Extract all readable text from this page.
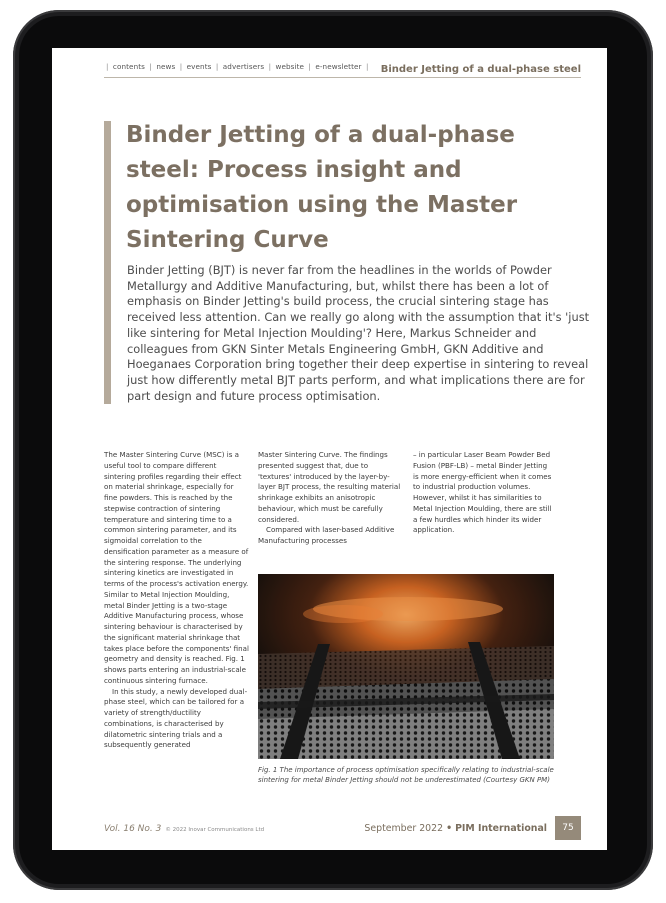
| contents | news | events | advertisers | website | e-newsletter | Binder Jetting of a dual-phase steel
Binder Jetting of a dual-phase steel: Process insight and optimisation using the Master Sintering Curve

Binder Jetting (BJT) is never far from the headlines in the worlds of Powder Metallurgy and Additive Manufacturing, but, whilst there has been a lot of emphasis on Binder Jetting's build process, the crucial sintering stage has received less attention. Can we really go along with the assumption that it's 'just like sintering for Metal Injection Moulding'? Here, Markus Schneider and colleagues from GKN Sinter Metals Engineering GmbH, GKN Additive and Hoeganaes Corporation bring together their deep expertise in sintering to reveal just how differently metal BJT parts perform, and what implications there are for part design and future process optimisation.

The Master Sintering Curve (MSC) is a useful tool to compare different sintering profiles regarding their effect on material shrinkage, especially for fine powders. This is reached by the stepwise contraction of sintering temperature and sintering time to a common sintering parameter, and its sigmoidal correlation to the densification parameter as a measure of the sintering response. The underlying sintering kinetics are investigated in terms of the process's activation energy. Similar to Metal Injection Moulding, metal Binder Jetting is a two-stage Additive Manufacturing process, whose sintering behaviour is characterised by the significant material shrinkage that takes place before the components' final geometry and density is reached. Fig. 1 shows parts entering an industrial-scale continuous sintering furnace.

In this study, a newly developed dual-phase steel, which can be tailored for a variety of strength/ductility combinations, is characterised by dilatometric sintering trials and a subsequently generated

Master Sintering Curve. The findings presented suggest that, due to 'textures' introduced by the layer-by-layer BJT process, the resulting material shrinkage exhibits an anisotropic behaviour, which must be carefully considered.

Compared with laser-based Additive Manufacturing processes

– in particular Laser Beam Powder Bed Fusion (PBF-LB) – metal Binder Jetting is more energy-efficient when it comes to industrial production volumes. However, whilst it has similarities to Metal Injection Moulding, there are still a few hurdles which hinder its wider application.

Fig. 1 The importance of process optimisation specifically relating to industrial-scale sintering for metal Binder Jetting should not be underestimated (Courtesy GKN PM)

Vol. 16 No. 3 © 2022 Inovar Communications Ltd	September 2022 • PIM International	75
